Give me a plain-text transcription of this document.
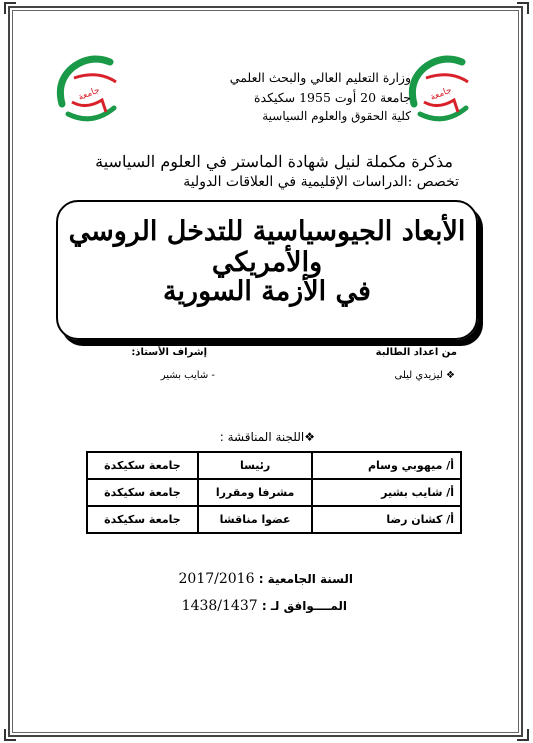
جامعة	جامعة
وزارة التعليم العالي والبحث العلمي
جامعة 20 أوت 1955 سكيكدة
كلية الحقوق والعلوم السياسية
مذكرة مكملة لنيل شهادة الماستر في العلوم السياسية
تخصص :الدراسات الإقليمية في العلاقات الدولية
الأبعاد الجيوسياسية للتدخل الروسي والأمريكي
في الأزمة السورية
من اعداد الطالبة
إشراف الأستاذ:
❖ ليزيدي ليلى
- شايب بشير
❖اللجنة المناقشة :
أ/ ميهوبي وسام	رئيسا	جامعة سكيكدة
أ/ شايب بشير	مشرفا ومقررا	جامعة سكيكدة
أ/ كشان رضا	عضوا مناقشا	جامعة سكيكدة
السنة الجامعية : 2017/2016
المــــوافق لـ : 1438/1437
